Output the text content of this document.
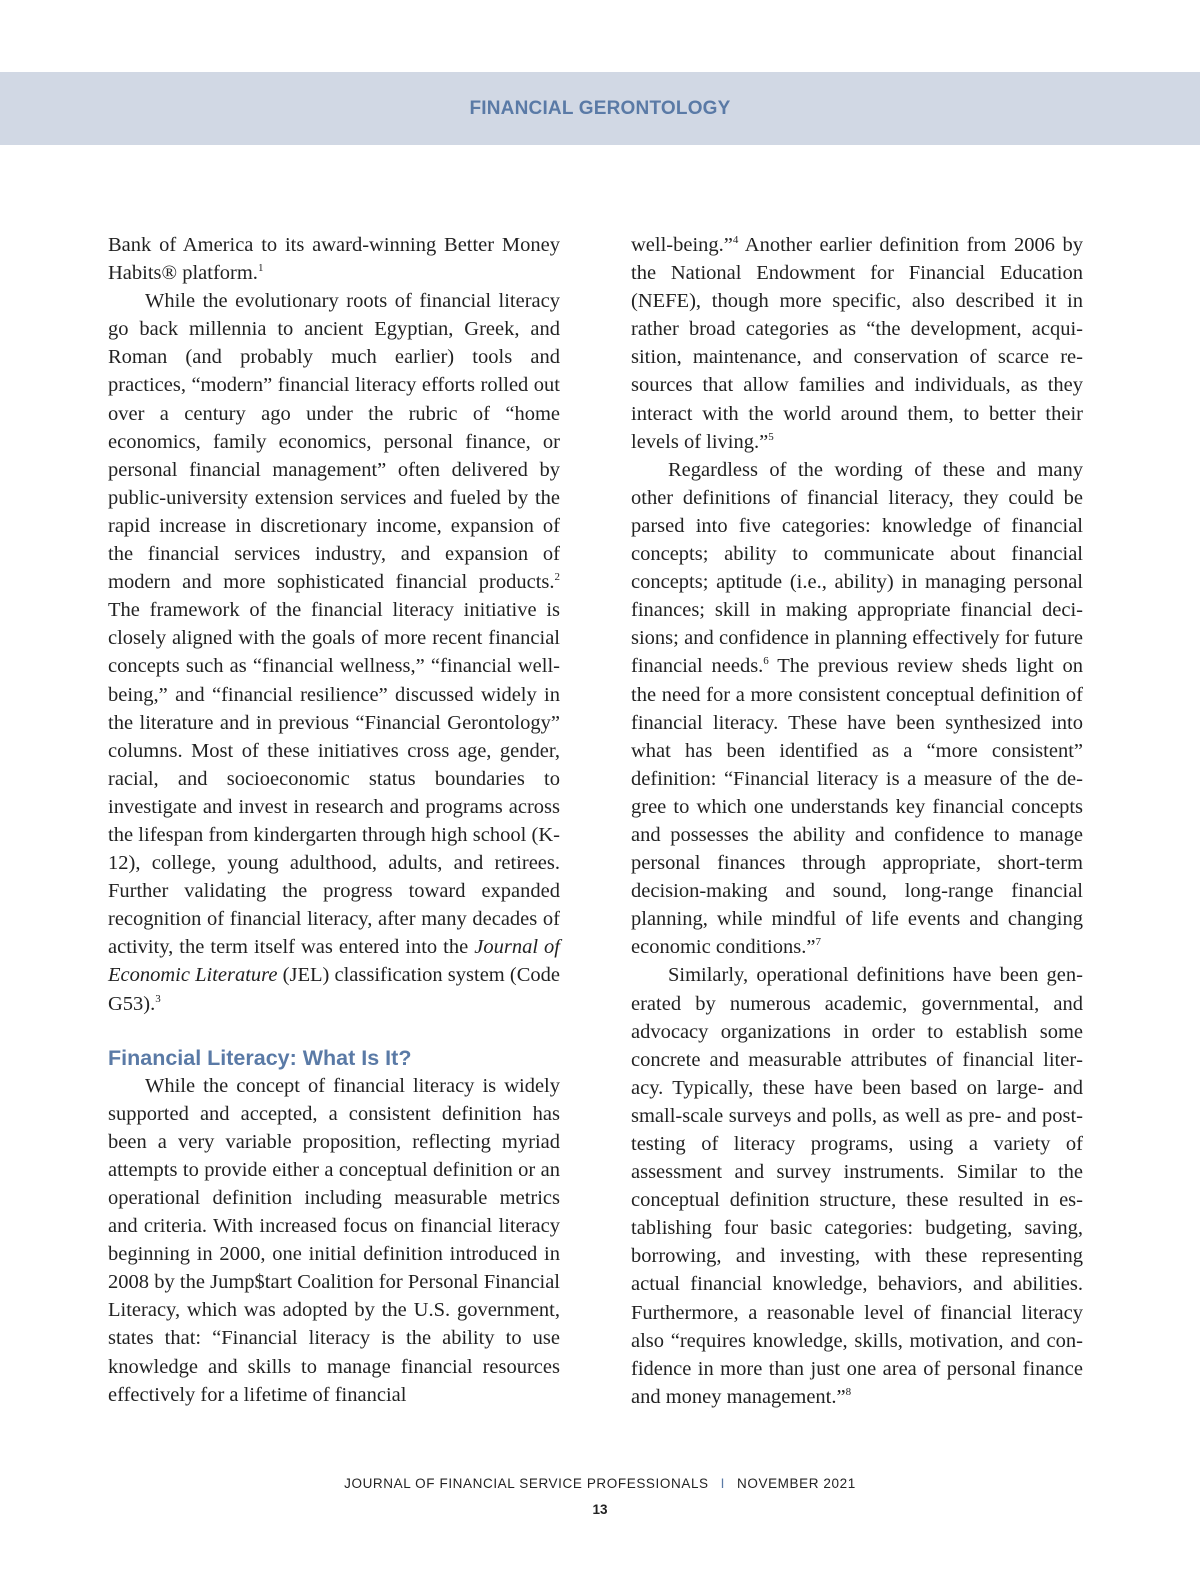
FINANCIAL GERONTOLOGY

Bank of America to its award-winning Better Money Habits® platform.$^1$

While the evolutionary roots of financial literacy go back millennia to ancient Egyptian, Greek, and Roman (and probably much earlier) tools and practices, “modern” financial literacy efforts rolled out over a century ago under the rubric of “home economics, family economics, personal finance, or personal financial management” often delivered by public-university extension services and fueled by the rapid increase in discretionary income, expansion of the financial services industry, and expansion of modern and more sophisticated financial products.$^2$ The framework of the financial literacy initiative is closely aligned with the goals of more recent financial concepts such as “financial wellness,” “financial well-being,” and “financial resilience” discussed widely in the literature and in previous “Financial Gerontology” columns. Most of these initiatives cross age, gender, racial, and socioeconomic status boundaries to investigate and invest in research and programs across the lifespan from kindergarten through high school (K-12), college, young adulthood, adults, and retirees. Further validating the progress toward expanded recognition of financial literacy, after many decades of activity, the term itself was entered into the Journal of Economic Literature (JEL) classification system (Code G53).$^3$

Financial Literacy: What Is It?

While the concept of financial literacy is widely supported and accepted, a consistent definition has been a very variable proposition, reflecting myriad attempts to provide either a conceptual definition or an operational definition including measurable metrics and criteria. With increased focus on financial literacy beginning in 2000, one initial definition introduced in 2008 by the Jump$tart Coalition for Personal Financial Literacy, which was adopted by the U.S. government, states that: “Financial literacy is the ability to use knowledge and skills to manage financial resources effectively for a lifetime of financial

well-being.”$^4$ Another earlier definition from 2006 by the National Endowment for Financial Education (NEFE), though more specific, also described it in rather broad categories as “the development, acquisition, maintenance, and conservation of scarce resources that allow families and individuals, as they interact with the world around them, to better their levels of living.”$^5$

Regardless of the wording of these and many other definitions of financial literacy, they could be parsed into five categories: knowledge of financial concepts; ability to communicate about financial concepts; aptitude (i.e., ability) in managing personal finances; skill in making appropriate financial decisions; and confidence in planning effectively for future financial needs.$^6$ The previous review sheds light on the need for a more consistent conceptual definition of financial literacy. These have been synthesized into what has been identified as a “more consistent” definition: “Financial literacy is a measure of the degree to which one understands key financial concepts and possesses the ability and confidence to manage personal finances through appropriate, short-term decision-making and sound, long-range financial planning, while mindful of life events and changing economic conditions.”$^7$

Similarly, operational definitions have been generated by numerous academic, governmental, and advocacy organizations in order to establish some concrete and measurable attributes of financial literacy. Typically, these have been based on large- and small-scale surveys and polls, as well as pre- and post-testing of literacy programs, using a variety of assessment and survey instruments. Similar to the conceptual definition structure, these resulted in establishing four basic categories: budgeting, saving, borrowing, and investing, with these representing actual financial knowledge, behaviors, and abilities. Furthermore, a reasonable level of financial literacy also “requires knowledge, skills, motivation, and confidence in more than just one area of personal finance and money management.”$^8$

JOURNAL OF FINANCIAL SERVICE PROFESSIONALS I NOVEMBER 2021
13
